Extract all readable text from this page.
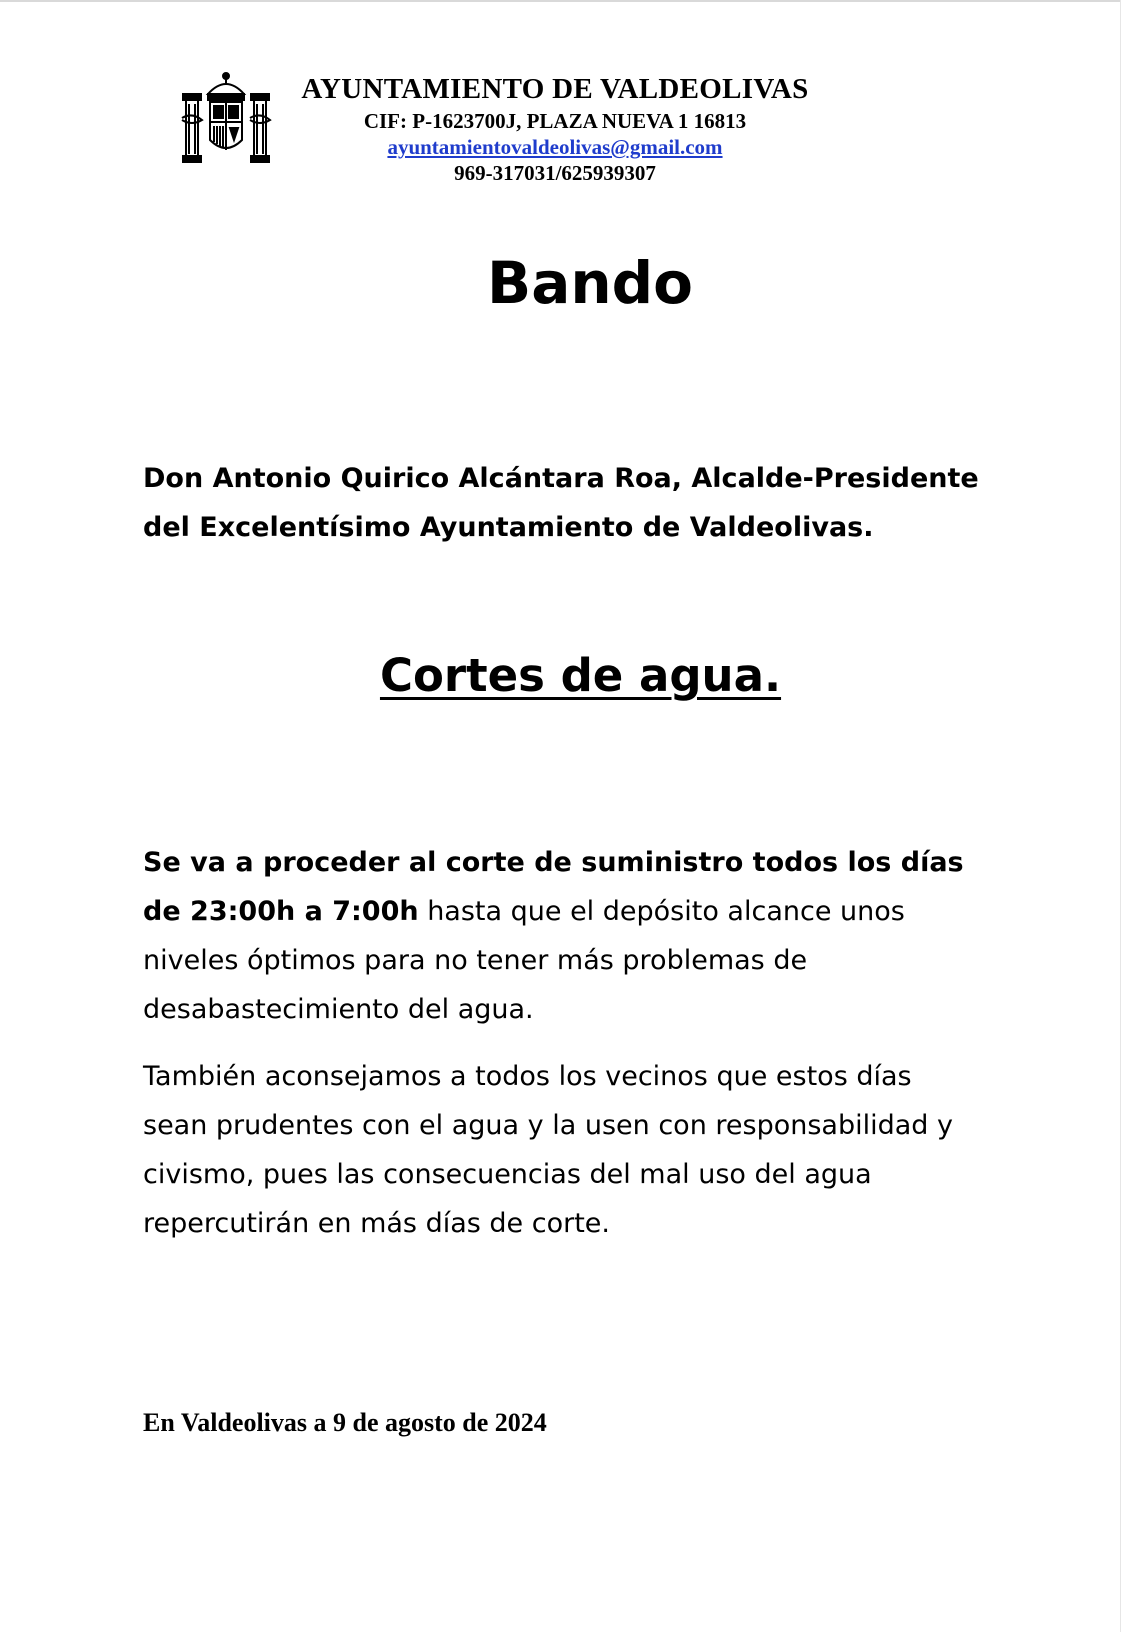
AYUNTAMIENTO DE VALDEOLIVAS
CIF: P-1623700J, PLAZA NUEVA 1 16813
ayuntamientovaldeolivas@gmail.com
969-317031/625939307
Bando
Don Antonio Quirico Alcántara Roa, Alcalde-Presidente
del Excelentísimo Ayuntamiento de Valdeolivas.
Cortes de agua.
Se va a proceder al corte de suministro todos los días de 23:00h a 7:00h hasta que el depósito alcance unos niveles óptimos para no tener más problemas de desabastecimiento del agua.
También aconsejamos a todos los vecinos que estos días sean prudentes con el agua y la usen con responsabilidad y civismo, pues las consecuencias del mal uso del agua repercutirán en más días de corte.
En Valdeolivas a 9 de agosto de 2024
